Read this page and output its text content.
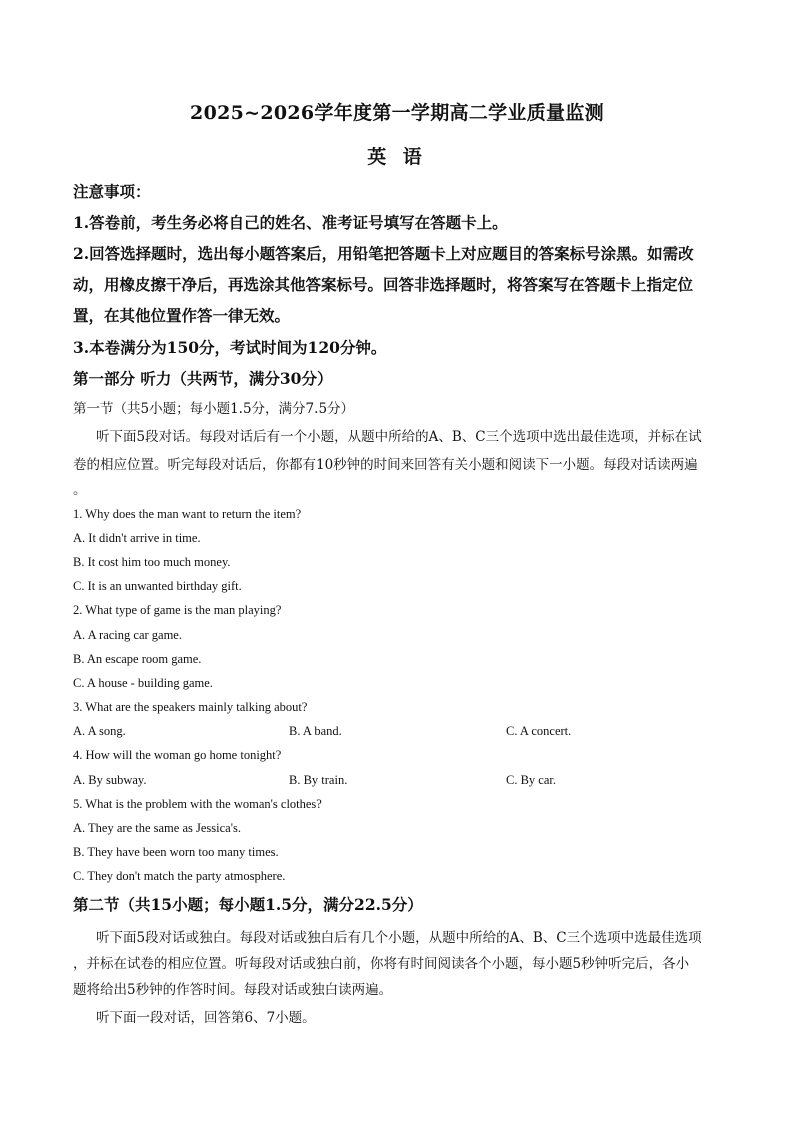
2025~2026学年度第一学期高二学业质量监测
英 语
注意事项：
1.答卷前，考生务必将自己的姓名、准考证号填写在答题卡上。
2.回答选择题时，选出每小题答案后，用铅笔把答题卡上对应题目的答案标号涂黑。如需改
动，用橡皮擦干净后，再选涂其他答案标号。回答非选择题时，将答案写在答题卡上指定位
置，在其他位置作答一律无效。
3.本卷满分为150分，考试时间为120分钟。
第一部分 听力（共两节，满分30分）
第一节（共5小题；每小题1.5分，满分7.5分）
听下面5段对话。每段对话后有一个小题，从题中所给的A、B、C三个选项中选出最佳选项，并标在试
卷的相应位置。听完每段对话后，你都有10秒钟的时间来回答有关小题和阅读下一小题。每段对话读两遍
。
1. Why does the man want to return the item?
A. It didn't arrive in time.
B. It cost him too much money.
C. It is an unwanted birthday gift.
2. What type of game is the man playing?
A. A racing car game.
B. An escape room game.
C. A house - building game.
3. What are the speakers mainly talking about?
A. A song.	B. A band.	C. A concert.
4. How will the woman go home tonight?
A. By subway.	B. By train.	C. By car.
5. What is the problem with the woman's clothes?
A. They are the same as Jessica's.
B. They have been worn too many times.
C. They don't match the party atmosphere.
第二节（共15小题；每小题1.5分，满分22.5分）
听下面5段对话或独白。每段对话或独白后有几个小题，从题中所给的A、B、C三个选项中选最佳选项
，并标在试卷的相应位置。听每段对话或独白前，你将有时间阅读各个小题，每小题5秒钟听完后，各小
题将给出5秒钟的作答时间。每段对话或独白读两遍。
听下面一段对话，回答第6、7小题。
